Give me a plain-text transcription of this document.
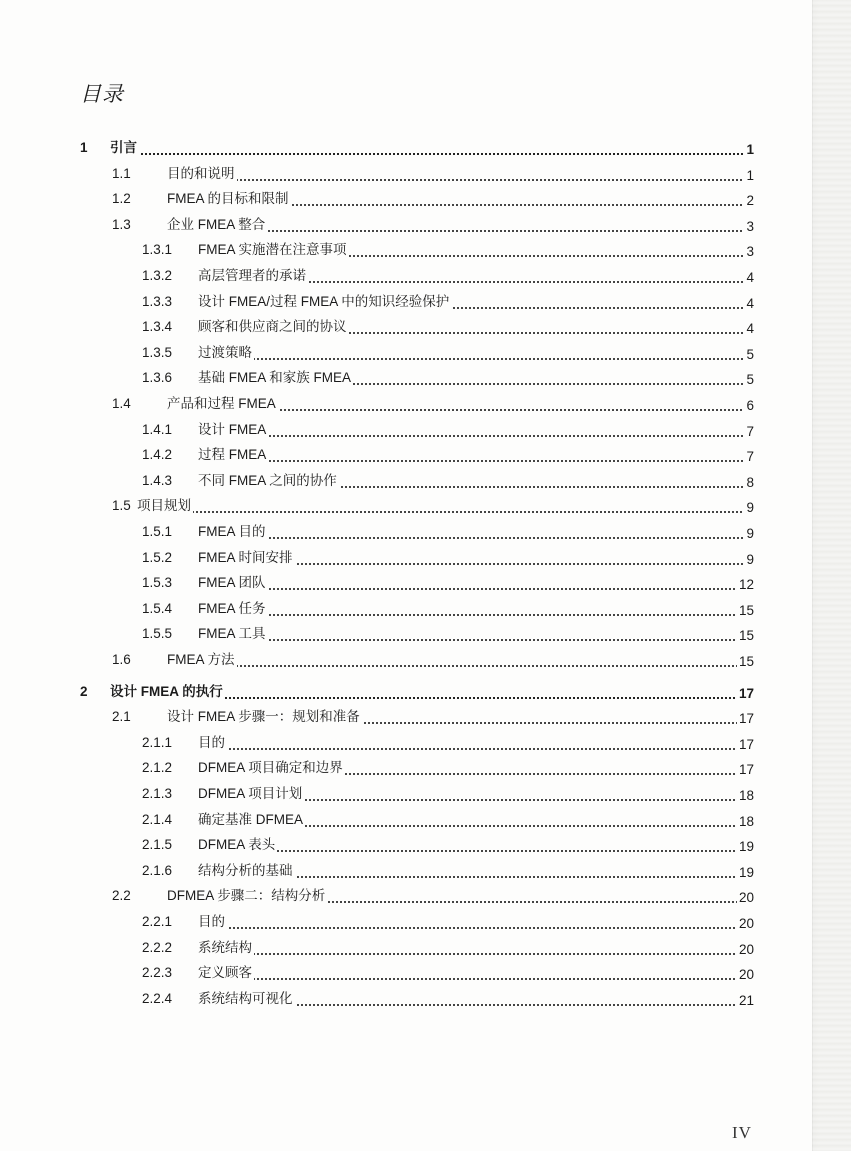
目录
1 引言	1
1.1	目的和说明	1
1.2	FMEA 的目标和限制	2
1.3	企业 FMEA 整合	3
1.3.1 FMEA 实施潜在注意事项	3
1.3.2 高层管理者的承诺	4
1.3.3 设计 FMEA/过程 FMEA 中的知识经验保护	4
1.3.4 顾客和供应商之间的协议	4
1.3.5 过渡策略	5
1.3.6 基础 FMEA 和家族 FMEA	5
1.4	产品和过程 FMEA	6
1.4.1 设计 FMEA	7
1.4.2 过程 FMEA	7
1.4.3 不同 FMEA 之间的协作	8
1.5 项目规划	9
1.5.1 FMEA 目的	9
1.5.2 FMEA 时间安排	9
1.5.3 FMEA 团队	12
1.5.4 FMEA 任务	15
1.5.5 FMEA 工具	15
1.6	FMEA 方法	15
2 设计 FMEA 的执行	17
2.1	设计 FMEA 步骤一：规划和准备	17
2.1.1 目的	17
2.1.2 DFMEA 项目确定和边界	17
2.1.3 DFMEA 项目计划	18
2.1.4 确定基准 DFMEA	18
2.1.5 DFMEA 表头	19
2.1.6 结构分析的基础	19
2.2	DFMEA 步骤二：结构分析	20
2.2.1 目的	20
2.2.2 系统结构	20
2.2.3 定义顾客	20
2.2.4 系统结构可视化	21
IV
